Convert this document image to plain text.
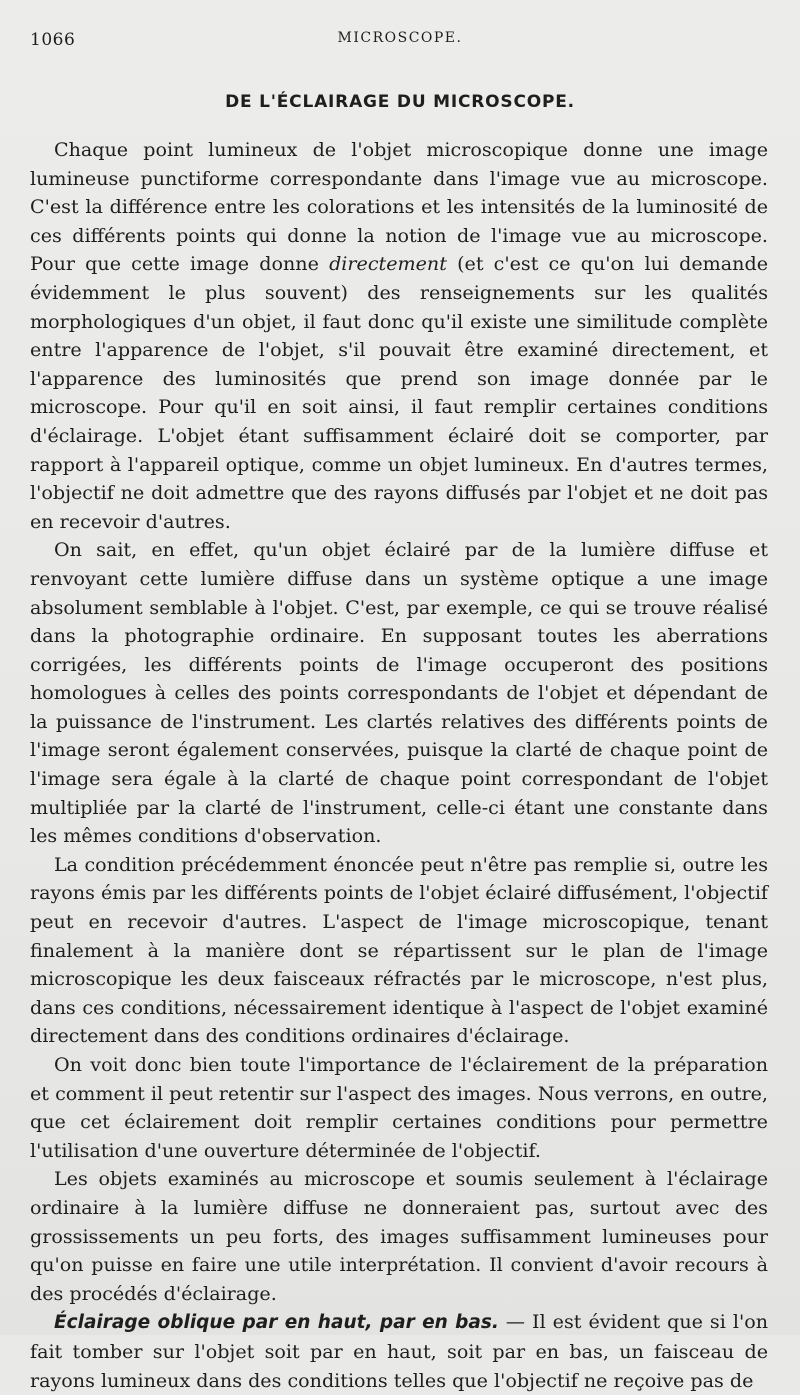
1066	MICROSCOPE.
DE L'ÉCLAIRAGE DU MICROSCOPE.

Chaque point lumineux de l'objet microscopique donne une image lumineuse punctiforme correspondante dans l'image vue au microscope. C'est la différence entre les colorations et les intensités de la luminosité de ces différents points qui donne la notion de l'image vue au microscope. Pour que cette image donne directement (et c'est ce qu'on lui demande évidemment le plus souvent) des renseignements sur les qualités morphologiques d'un objet, il faut donc qu'il existe une similitude complète entre l'apparence de l'objet, s'il pouvait être examiné directement, et l'apparence des luminosités que prend son image donnée par le microscope. Pour qu'il en soit ainsi, il faut remplir certaines conditions d'éclairage. L'objet étant suffisamment éclairé doit se comporter, par rapport à l'appareil optique, comme un objet lumineux. En d'autres termes, l'objectif ne doit admettre que des rayons diffusés par l'objet et ne doit pas en recevoir d'autres.

On sait, en effet, qu'un objet éclairé par de la lumière diffuse et renvoyant cette lumière diffuse dans un système optique a une image absolument semblable à l'objet. C'est, par exemple, ce qui se trouve réalisé dans la photographie ordinaire. En supposant toutes les aberrations corrigées, les différents points de l'image occuperont des positions homologues à celles des points correspondants de l'objet et dépendant de la puissance de l'instrument. Les clartés relatives des différents points de l'image seront également conservées, puisque la clarté de chaque point de l'image sera égale à la clarté de chaque point correspondant de l'objet multipliée par la clarté de l'instrument, celle-ci étant une constante dans les mêmes conditions d'observation.

La condition précédemment énoncée peut n'être pas remplie si, outre les rayons émis par les différents points de l'objet éclairé diffusément, l'objectif peut en recevoir d'autres. L'aspect de l'image microscopique, tenant finalement à la manière dont se répartissent sur le plan de l'image microscopique les deux faisceaux réfractés par le microscope, n'est plus, dans ces conditions, nécessairement identique à l'aspect de l'objet examiné directement dans des conditions ordinaires d'éclairage.

On voit donc bien toute l'importance de l'éclairement de la préparation et comment il peut retentir sur l'aspect des images. Nous verrons, en outre, que cet éclairement doit remplir certaines conditions pour permettre l'utilisation d'une ouverture déterminée de l'objectif.

Les objets examinés au microscope et soumis seulement à l'éclairage ordinaire à la lumière diffuse ne donneraient pas, surtout avec des grossissements un peu forts, des images suffisamment lumineuses pour qu'on puisse en faire une utile interprétation. Il convient d'avoir recours à des procédés d'éclairage.

Éclairage oblique par en haut, par en bas. — Il est évident que si l'on fait tomber sur l'objet soit par en haut, soit par en bas, un faisceau de rayons lumineux dans des conditions telles que l'objectif ne reçoive pas de
